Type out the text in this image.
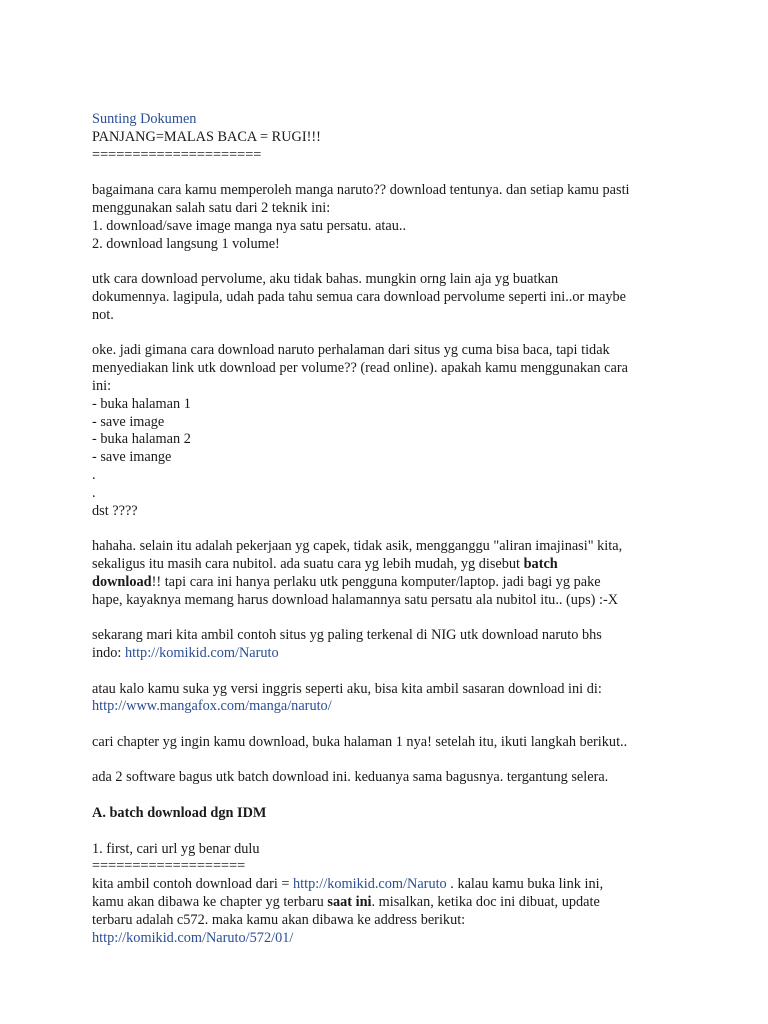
Sunting Dokumen
PANJANG=MALAS BACA = RUGI!!!
=====================
bagaimana cara kamu memperoleh manga naruto?? download tentunya. dan setiap kamu pasti
menggunakan salah satu dari 2 teknik ini:
1. download/save image manga nya satu persatu. atau..
2. download langsung 1 volume!
utk cara download pervolume, aku tidak bahas. mungkin orng lain aja yg buatkan
dokumennya. lagipula, udah pada tahu semua cara download pervolume seperti ini..or maybe
not.
oke. jadi gimana cara download naruto perhalaman dari situs yg cuma bisa baca, tapi tidak
menyediakan link utk download per volume?? (read online). apakah kamu menggunakan cara
ini:
- buka halaman 1
- save image
- buka halaman 2
- save imange
.
.
dst ????
hahaha. selain itu adalah pekerjaan yg capek, tidak asik, mengganggu "aliran imajinasi" kita,
sekaligus itu masih cara nubitol. ada suatu cara yg lebih mudah, yg disebut batch
download!! tapi cara ini hanya perlaku utk pengguna komputer/laptop. jadi bagi yg pake
hape, kayaknya memang harus download halamannya satu persatu ala nubitol itu.. (ups) :-X
sekarang mari kita ambil contoh situs yg paling terkenal di NIG utk download naruto bhs
indo: http://komikid.com/Naruto
atau kalo kamu suka yg versi inggris seperti aku, bisa kita ambil sasaran download ini di:
http://www.mangafox.com/manga/naruto/
cari chapter yg ingin kamu download, buka halaman 1 nya! setelah itu, ikuti langkah berikut..
ada 2 software bagus utk batch download ini. keduanya sama bagusnya. tergantung selera.
A. batch download dgn IDM
1. first, cari url yg benar dulu
===================
kita ambil contoh download dari = http://komikid.com/Naruto . kalau kamu buka link ini,
kamu akan dibawa ke chapter yg terbaru saat ini. misalkan, ketika doc ini dibuat, update
terbaru adalah c572. maka kamu akan dibawa ke address berikut:
http://komikid.com/Naruto/572/01/
